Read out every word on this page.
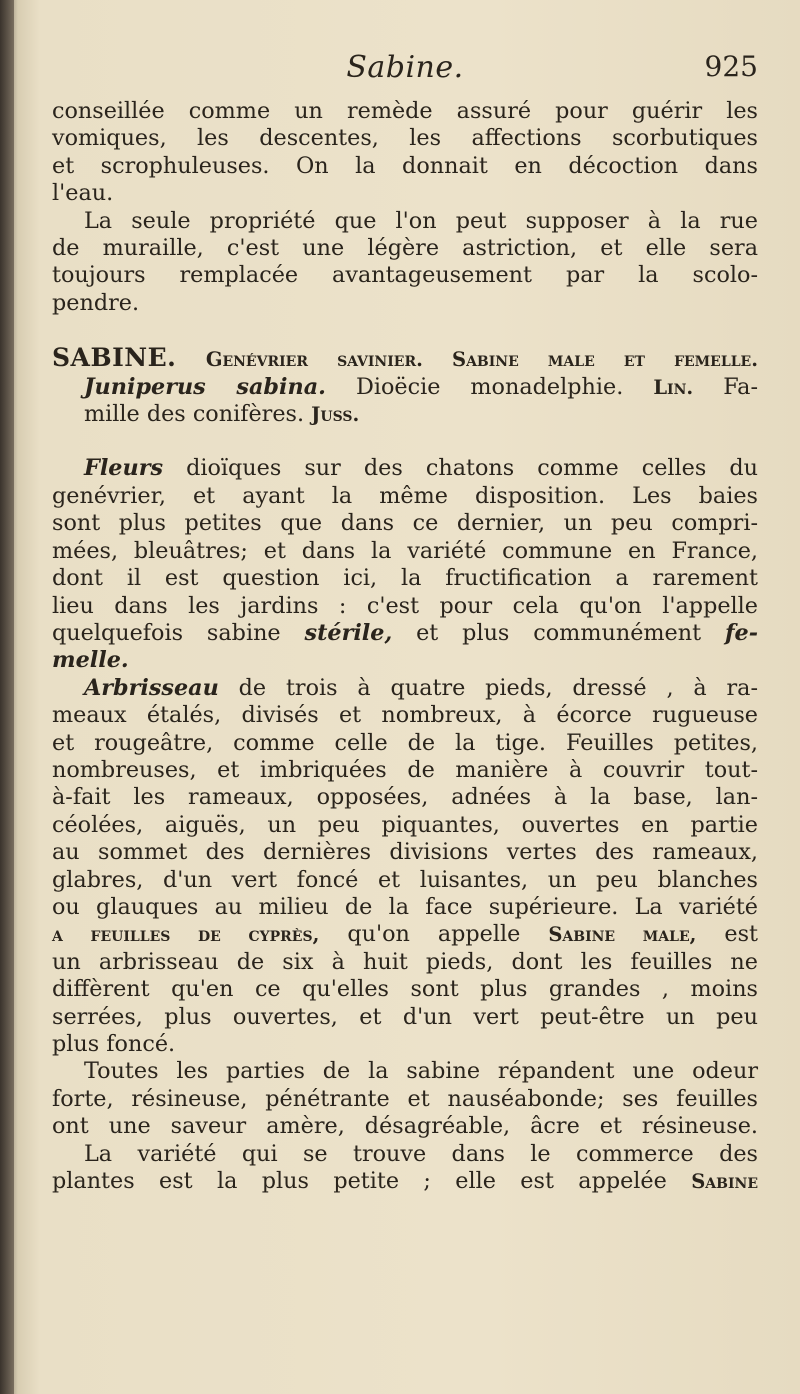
Sabine.	925
conseillée comme un remède assuré pour guérir les
vomiques, les descentes, les affections scorbutiques
et scrophuleuses. On la donnait en décoction dans
l'eau.
La seule propriété que l'on peut supposer à la rue
de muraille, c'est une légère astriction, et elle sera
toujours remplacée avantageusement par la scolo-
pendre.
SABINE. Genévrier savinier. Sabine male et femelle.
Juniperus sabina. Dioëcie monadelphie. Lin. Fa-
mille des conifères. Juss.
Fleurs dioïques sur des chatons comme celles du
genévrier, et ayant la même disposition. Les baies
sont plus petites que dans ce dernier, un peu compri-
mées, bleuâtres; et dans la variété commune en France,
dont il est question ici, la fructification a rarement
lieu dans les jardins : c'est pour cela qu'on l'appelle
quelquefois sabine stérile, et plus communément fe-
melle.
Arbrisseau de trois à quatre pieds, dressé , à ra-
meaux étalés, divisés et nombreux, à écorce rugueuse
et rougeâtre, comme celle de la tige. Feuilles petites,
nombreuses, et imbriquées de manière à couvrir tout-
à-fait les rameaux, opposées, adnées à la base, lan-
céolées, aiguës, un peu piquantes, ouvertes en partie
au sommet des dernières divisions vertes des rameaux,
glabres, d'un vert foncé et luisantes, un peu blanches
ou glauques au milieu de la face supérieure. La variété
a feuilles de cyprès, qu'on appelle Sabine male, est
un arbrisseau de six à huit pieds, dont les feuilles ne
diffèrent qu'en ce qu'elles sont plus grandes , moins
serrées, plus ouvertes, et d'un vert peut-être un peu
plus foncé.
Toutes les parties de la sabine répandent une odeur
forte, résineuse, pénétrante et nauséabonde; ses feuilles
ont une saveur amère, désagréable, âcre et résineuse.
La variété qui se trouve dans le commerce des
plantes est la plus petite ; elle est appelée Sabine
